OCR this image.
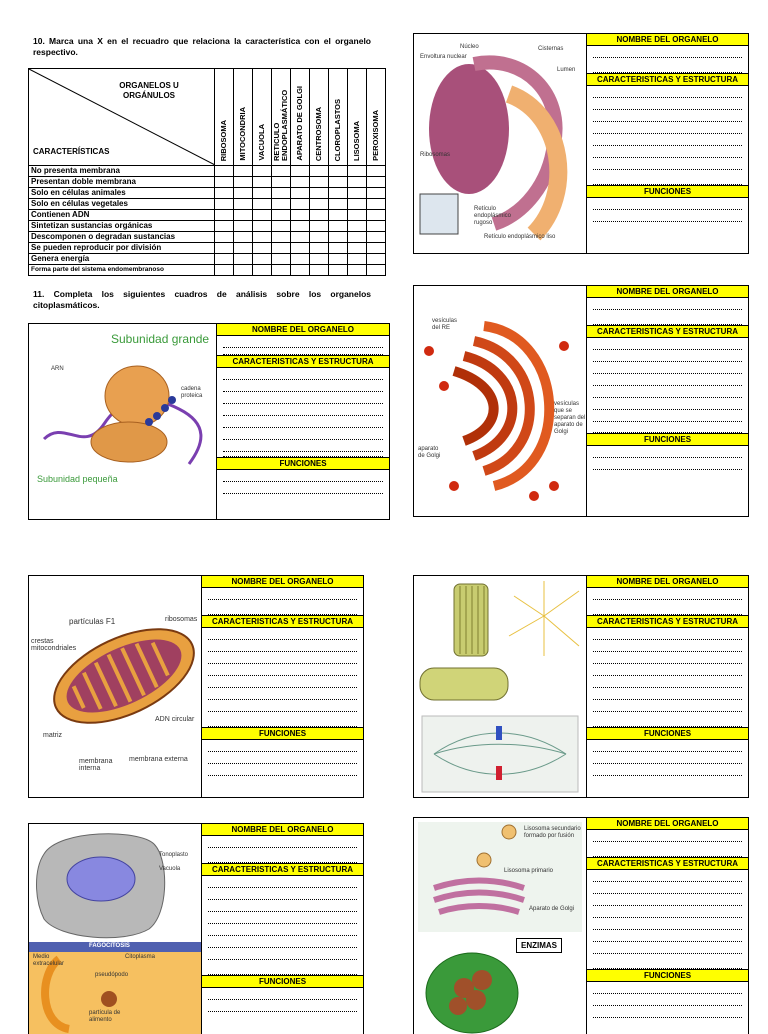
10. Marca una X en el recuadro que relaciona la característica con el organelo respectivo.
ORGANELOS U ORGÁNULOS
CARACTERÍSTICAS	RIBOSOMA	MITOCONDRIA	VACUOLA	RETICULO ENDOPLASMÁTICO	APARATO DE GOLGI	CENTROSOMA	CLOROPLASTOS	LISOSOMA	PEROXISOMA

No presenta membrana									
Presentan doble membrana									
Solo en células animales									
Solo en células vegetales									
Contienen ADN									
Sintetizan sustancias orgánicas									
Descomponen o degradan sustancias									
Se pueden reproducir por división									
Genera energía									
Forma parte del sistema endomembranoso									
11. Completa los siguientes cuadros de análisis sobre los organelos citoplasmáticos.
Subunidad grande
Subunidad pequeña
ARN
cadena proteica
NOMBRE DEL ORGANELO
CARACTERISTICAS Y ESTRUCTURA
FUNCIONES
Núcleo
Envoltura nuclear
Cisternas
Lumen
Ribosomas
Retículo endoplásmico rugoso
Retículo endoplásmico liso
NOMBRE DEL ORGANELO
CARACTERISTICAS Y ESTRUCTURA
FUNCIONES
vesículas del RE
vesículas que se separan del aparato de Golgi
aparato de Golgi
NOMBRE DEL ORGANELO
CARACTERISTICAS Y ESTRUCTURA
FUNCIONES
partículas F1	ribosomas
crestas mitocondriales
ADN circular
matriz
membrana interna
membrana externa
NOMBRE DEL ORGANELO
CARACTERISTICAS Y ESTRUCTURA
FUNCIONES
NOMBRE DEL ORGANELO
CARACTERISTICAS Y ESTRUCTURA
FUNCIONES
Tonoplasto
Vacuola
FAGOCITOSIS
Medio extracelular
Citoplasma
pseudópodo
partícula de alimento
NOMBRE DEL ORGANELO
CARACTERISTICAS Y ESTRUCTURA
FUNCIONES
Lisosoma secundario formado por fusión
Lisosoma primario
Aparato de Golgi
ENZIMAS
NOMBRE DEL ORGANELO
CARACTERISTICAS Y ESTRUCTURA
FUNCIONES
